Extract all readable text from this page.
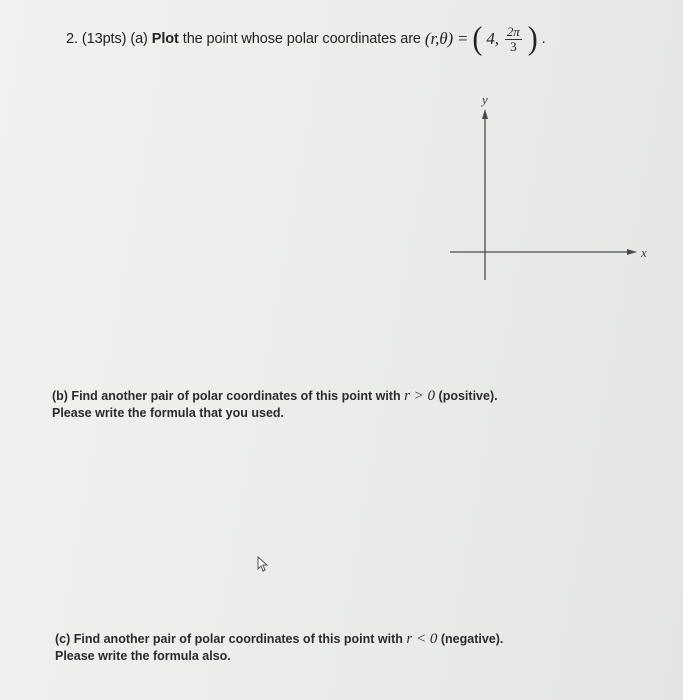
2. (13pts) (a) Plot the point whose polar coordinates are (r,θ) = ( 4, $\frac{2\pi}{3}$ ) .
y
x
(b) Find another pair of polar coordinates of this point with r > 0 (positive).
Please write the formula that you used.
(c) Find another pair of polar coordinates of this point with r < 0 (negative).
Please write the formula also.
